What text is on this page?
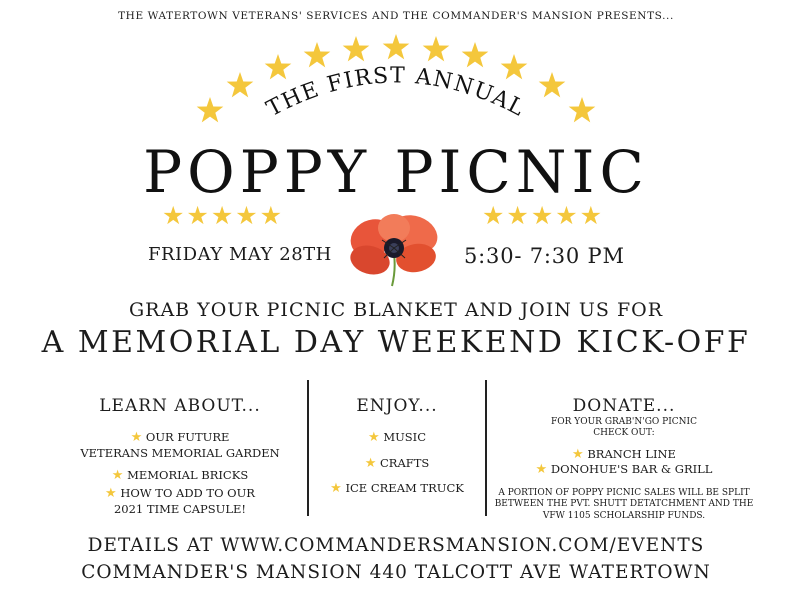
THE WATERTOWN VETERANS' SERVICES AND THE COMMANDER'S MANSION PRESENTS...
THE FIRST ANNUAL
POPPY PICNIC
★★★★★	★★★★★
FRIDAY MAY 28TH	5:30- 7:30 PM
GRAB YOUR PICNIC BLANKET AND JOIN US FOR
A MEMORIAL DAY WEEKEND KICK-OFF
LEARN ABOUT...
★ OUR FUTURE
VETERANS MEMORIAL GARDEN
★ MEMORIAL BRICKS
★ HOW TO ADD TO OUR
2021 TIME CAPSULE!
ENJOY...
★ MUSIC
★ CRAFTS
★ ICE CREAM TRUCK
DONATE...
FOR YOUR GRAB'N'GO PICNIC
CHECK OUT:
★ BRANCH LINE
★ DONOHUE'S BAR & GRILL
A PORTION OF POPPY PICNIC SALES WILL BE SPLIT
BETWEEN THE PVT. SHUTT DETATCHMENT AND THE
VFW 1105 SCHOLARSHIP FUNDS.
DETAILS AT WWW.COMMANDERSMANSION.COM/EVENTS
COMMANDER'S MANSION 440 TALCOTT AVE WATERTOWN
